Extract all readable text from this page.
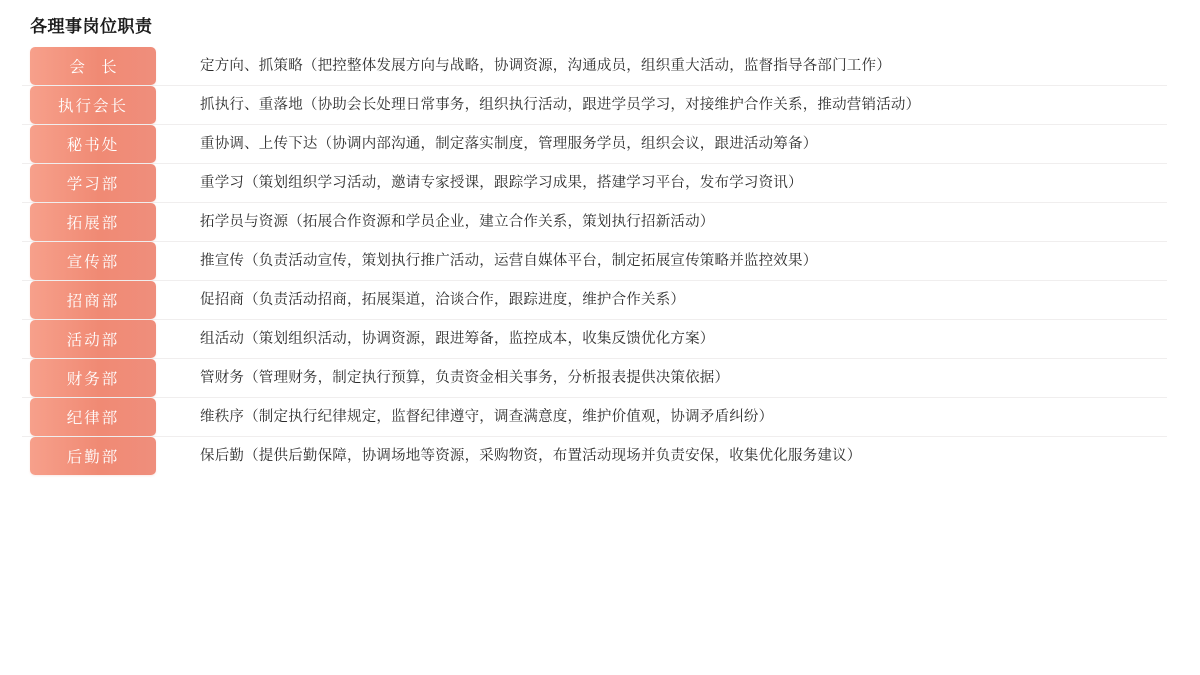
各理事岗位职责
会 长	定方向、抓策略（把控整体发展方向与战略，协调资源，沟通成员，组织重大活动，监督指导各部门工作）

执行会长	抓执行、重落地（协助会长处理日常事务，组织执行活动，跟进学员学习，对接维护合作关系，推动营销活动）

秘书处	重协调、上传下达（协调内部沟通，制定落实制度，管理服务学员，组织会议，跟进活动筹备）

学习部	重学习（策划组织学习活动，邀请专家授课，跟踪学习成果，搭建学习平台，发布学习资讯）

拓展部	拓学员与资源（拓展合作资源和学员企业，建立合作关系，策划执行招新活动）

宣传部	推宣传（负责活动宣传，策划执行推广活动，运营自媒体平台，制定拓展宣传策略并监控效果）

招商部	促招商（负责活动招商，拓展渠道，洽谈合作，跟踪进度，维护合作关系）

活动部	组活动（策划组织活动，协调资源，跟进筹备，监控成本，收集反馈优化方案）

财务部	管财务（管理财务，制定执行预算，负责资金相关事务，分析报表提供决策依据）

纪律部	维秩序（制定执行纪律规定，监督纪律遵守，调查满意度，维护价值观，协调矛盾纠纷）

后勤部	保后勤（提供后勤保障，协调场地等资源，采购物资，布置活动现场并负责安保，收集优化服务建议）
